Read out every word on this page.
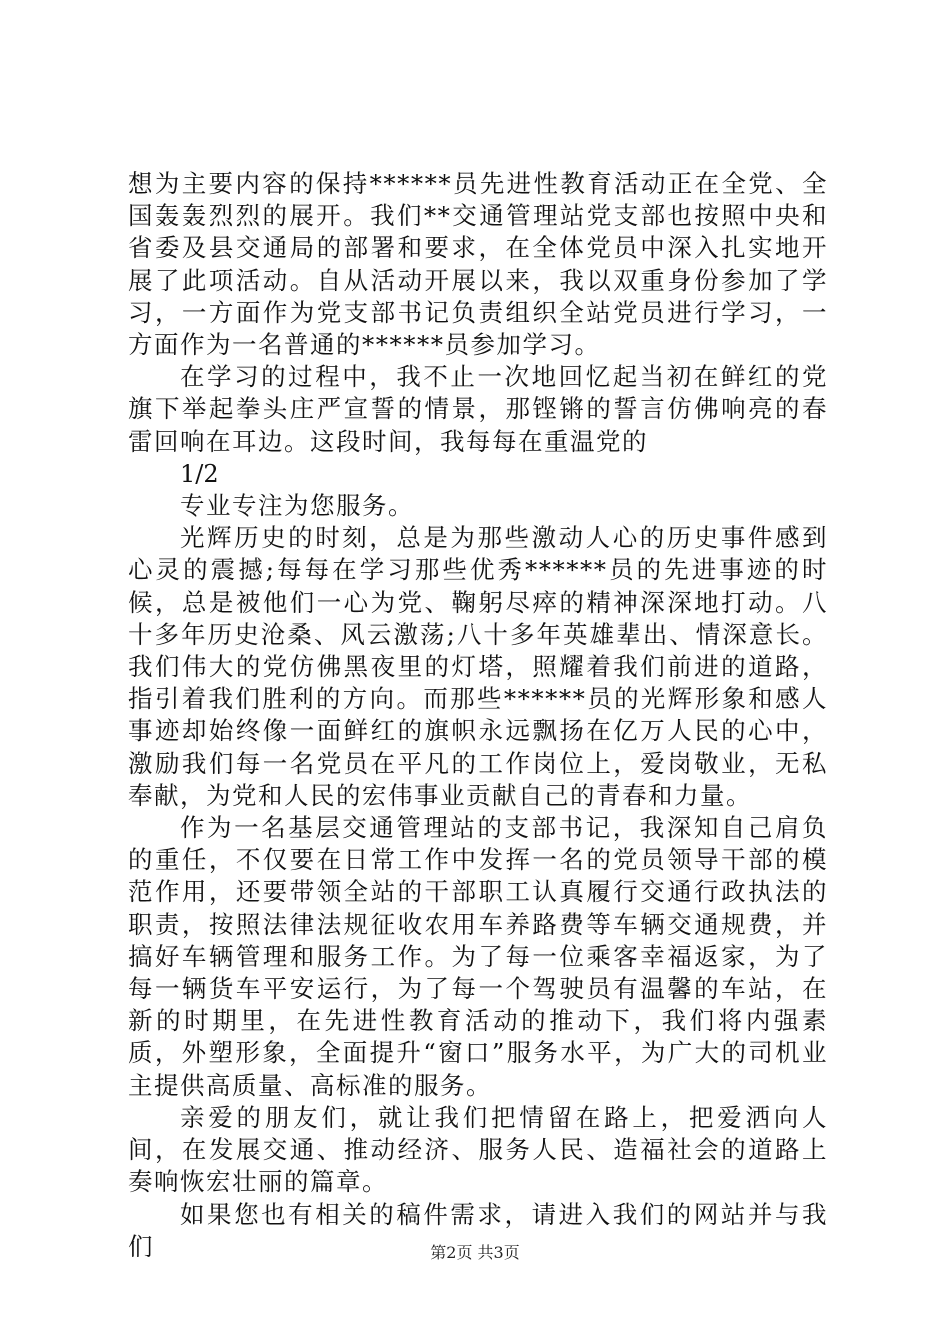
想为主要内容的保持******员先进性教育活动正在全党、全国轰轰烈烈的展开。我们**交通管理站党支部也按照中央和省委及县交通局的部署和要求，在全体党员中深入扎实地开展了此项活动。自从活动开展以来，我以双重身份参加了学习，一方面作为党支部书记负责组织全站党员进行学习，一方面作为一名普通的******员参加学习。

在学习的过程中，我不止一次地回忆起当初在鲜红的党旗下举起拳头庄严宣誓的情景，那铿锵的誓言仿佛响亮的春雷回响在耳边。这段时间，我每每在重温党的

1/2

专业专注为您服务。

光辉历史的时刻，总是为那些激动人心的历史事件感到心灵的震撼;每每在学习那些优秀******员的先进事迹的时候，总是被他们一心为党、鞠躬尽瘁的精神深深地打动。八十多年历史沧桑、风云激荡;八十多年英雄辈出、情深意长。我们伟大的党仿佛黑夜里的灯塔，照耀着我们前进的道路，指引着我们胜利的方向。而那些******员的光辉形象和感人事迹却始终像一面鲜红的旗帜永远飘扬在亿万人民的心中，激励我们每一名党员在平凡的工作岗位上，爱岗敬业，无私奉献，为党和人民的宏伟事业贡献自己的青春和力量。

作为一名基层交通管理站的支部书记，我深知自己肩负的重任，不仅要在日常工作中发挥一名的党员领导干部的模范作用，还要带领全站的干部职工认真履行交通行政执法的职责，按照法律法规征收农用车养路费等车辆交通规费，并搞好车辆管理和服务工作。为了每一位乘客幸福返家，为了每一辆货车平安运行，为了每一个驾驶员有温馨的车站，在新的时期里，在先进性教育活动的推动下，我们将内强素质，外塑形象，全面提升“窗口”服务水平，为广大的司机业主提供高质量、高标准的服务。

亲爱的朋友们，就让我们把情留在路上，把爱洒向人间，在发展交通、推动经济、服务人民、造福社会的道路上奏响恢宏壮丽的篇章。

如果您也有相关的稿件需求，请进入我们的网站并与我们	第2页 共3页
